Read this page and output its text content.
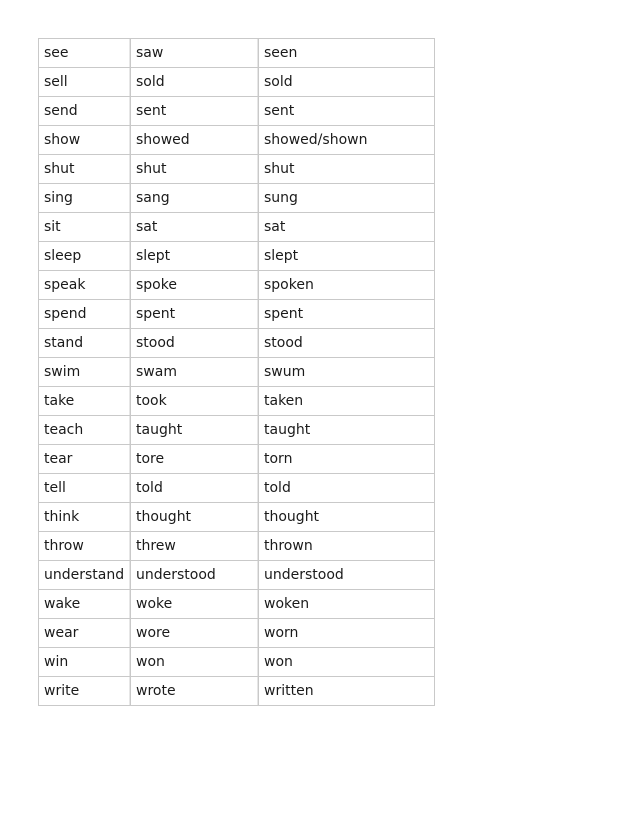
see	saw	seen
sell	sold	sold
send	sent	sent
show	showed	showed/shown
shut	shut	shut
sing	sang	sung
sit	sat	sat
sleep	slept	slept
speak	spoke	spoken
spend	spent	spent
stand	stood	stood
swim	swam	swum
take	took	taken
teach	taught	taught
tear	tore	torn
tell	told	told
think	thought	thought
throw	threw	thrown
understand	understood	understood
wake	woke	woken
wear	wore	worn
win	won	won
write	wrote	written
